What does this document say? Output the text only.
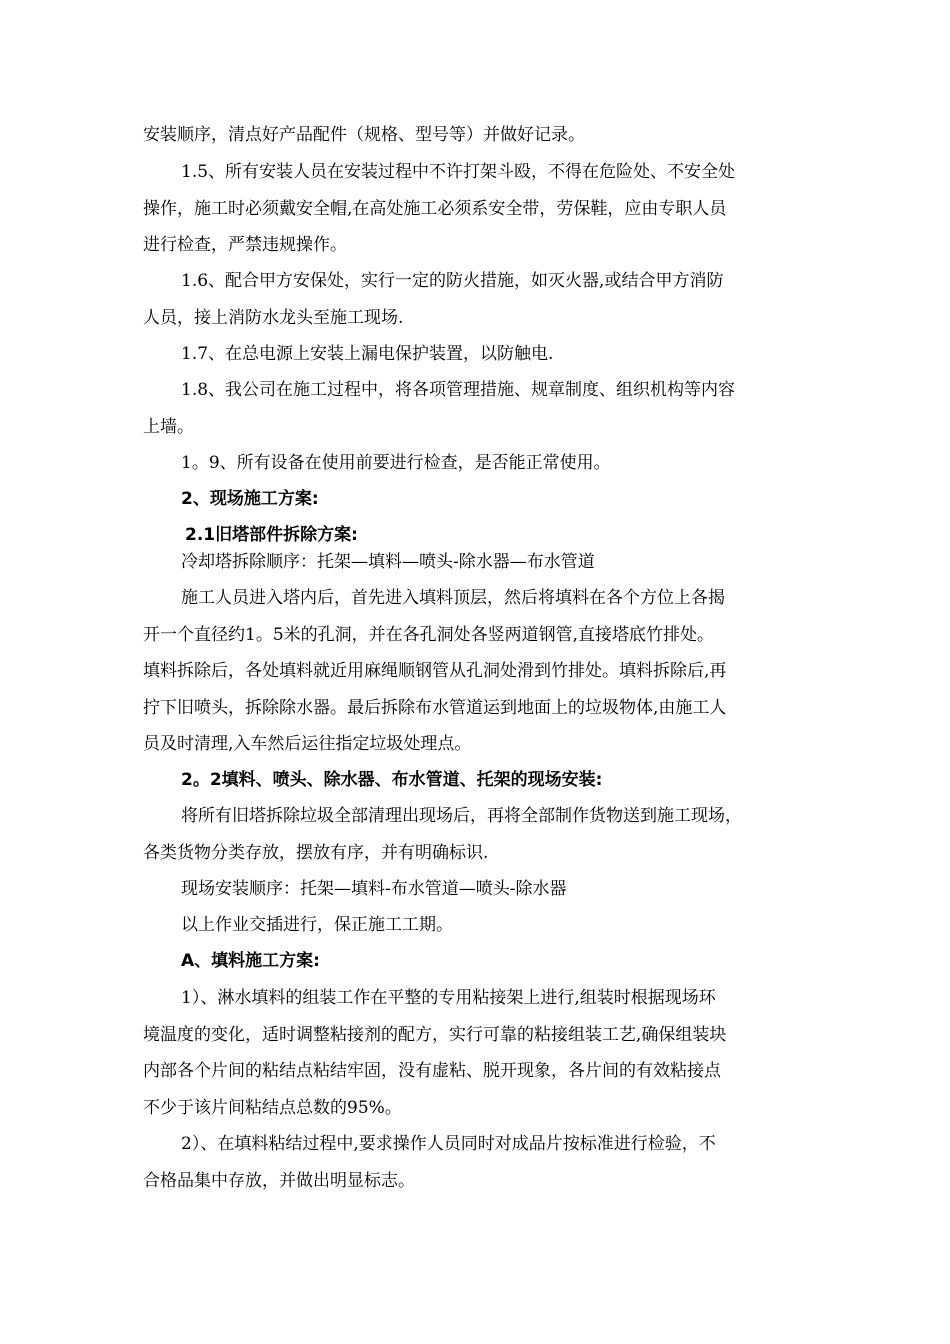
安装顺序，清点好产品配件（规格、型号等）并做好记录。
1.5、所有安装人员在安装过程中不许打架斗殴，不得在危险处、不安全处
操作，施工时必须戴安全帽,在高处施工必须系安全带，劳保鞋，应由专职人员
进行检查，严禁违规操作。
1.6、配合甲方安保处，实行一定的防火措施，如灭火器,或结合甲方消防
人员，接上消防水龙头至施工现场.
1.7、在总电源上安装上漏电保护装置，以防触电.
1.8、我公司在施工过程中，将各项管理措施、规章制度、组织机构等内容
上墙。
1。9、所有设备在使用前要进行检查，是否能正常使用。
2、现场施工方案:
2.1旧塔部件拆除方案:
冷却塔拆除顺序：托架—填料—喷头-除水器—布水管道
施工人员进入塔内后，首先进入填料顶层，然后将填料在各个方位上各揭
开一个直径约1。5米的孔洞，并在各孔洞处各竖两道钢管,直接塔底竹排处。
填料拆除后，各处填料就近用麻绳顺钢管从孔洞处滑到竹排处。填料拆除后,再
拧下旧喷头，拆除除水器。最后拆除布水管道运到地面上的垃圾物体,由施工人
员及时清理,入车然后运往指定垃圾处理点。
2。2填料、喷头、除水器、布水管道、托架的现场安装:
将所有旧塔拆除垃圾全部清理出现场后，再将全部制作货物送到施工现场，
各类货物分类存放，摆放有序，并有明确标识.
现场安装顺序：托架—填料-布水管道—喷头-除水器
以上作业交插进行，保正施工工期。
A、填料施工方案:
1）、淋水填料的组装工作在平整的专用粘接架上进行,组装时根据现场环
境温度的变化，适时调整粘接剂的配方，实行可靠的粘接组装工艺,确保组装块
内部各个片间的粘结点粘结牢固，没有虚粘、脱开现象，各片间的有效粘接点
不少于该片间粘结点总数的95%。
2）、在填料粘结过程中,要求操作人员同时对成品片按标准进行检验，不
合格品集中存放，并做出明显标志。
